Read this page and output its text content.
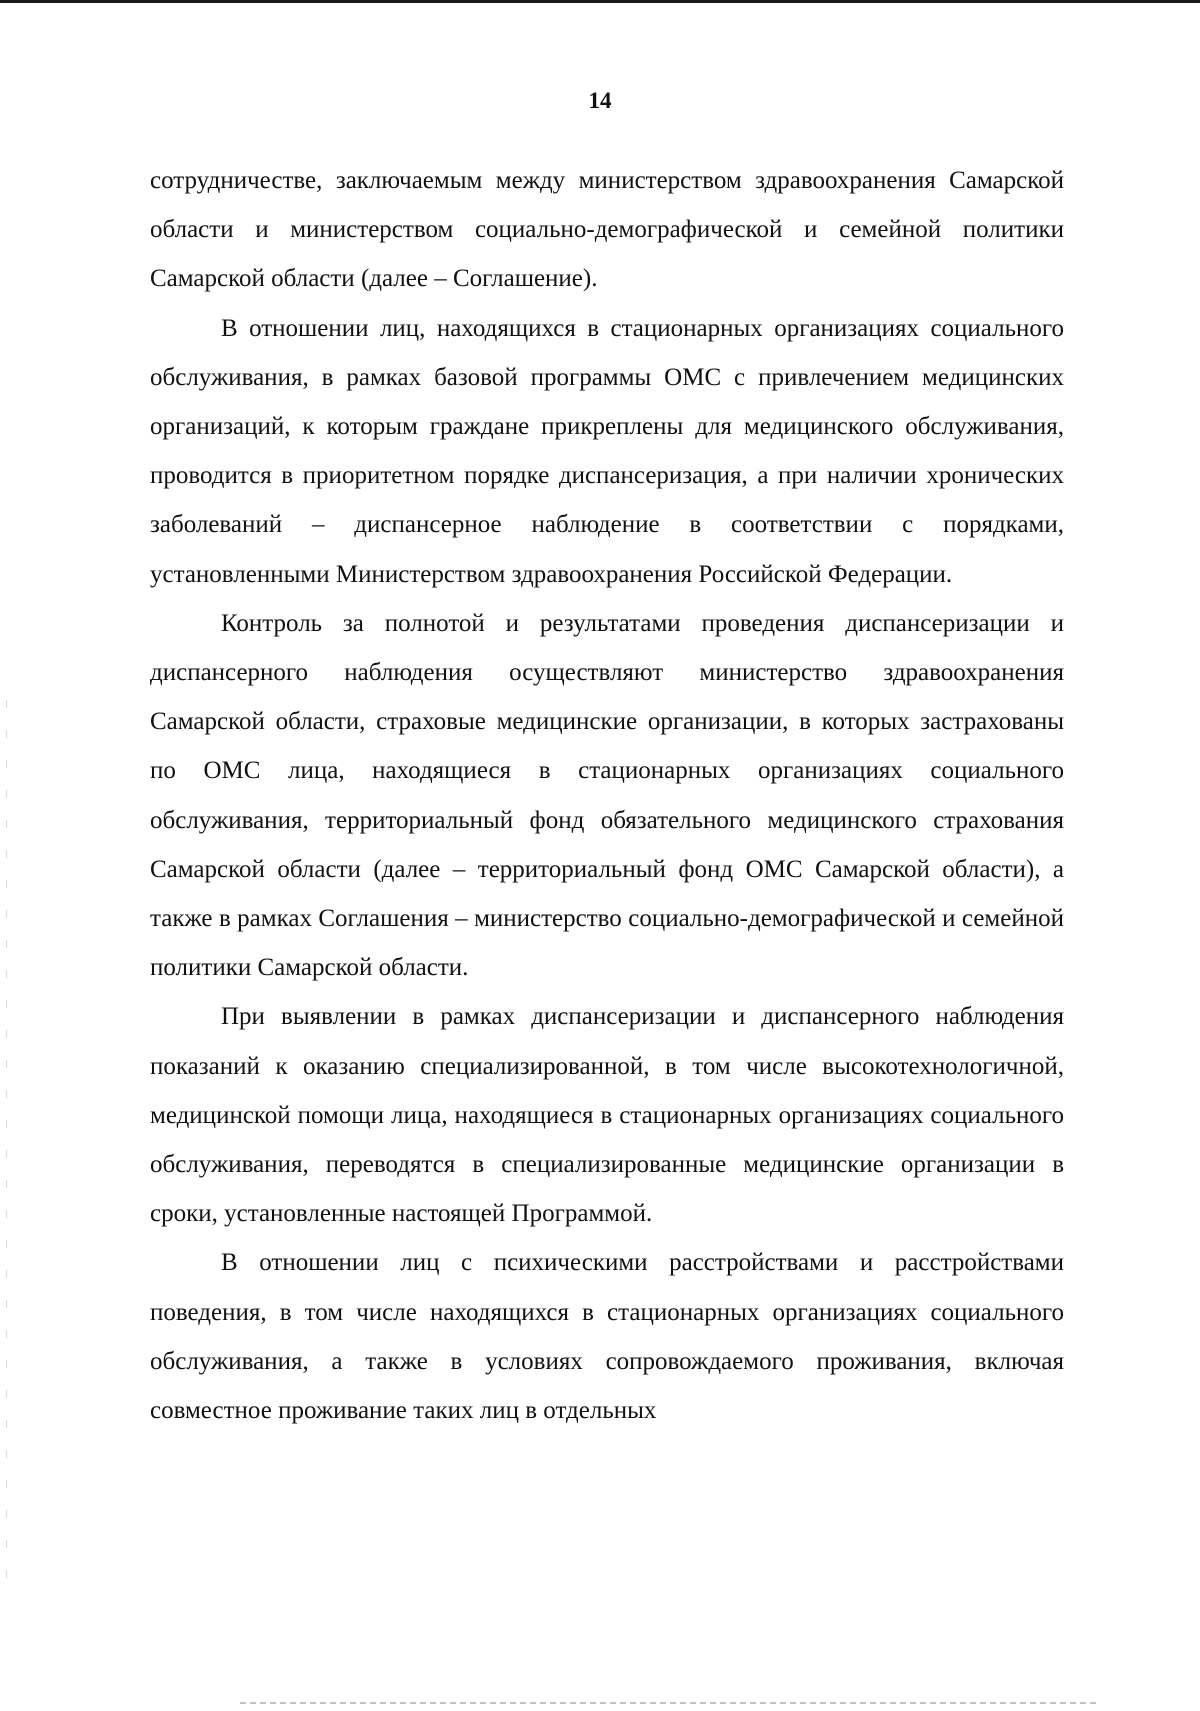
14

сотрудничестве, заключаемым между министерством здравоохранения Самарской области и министерством социально-демографической и семейной политики Самарской области (далее – Соглашение).

В отношении лиц, находящихся в стационарных организациях социального обслуживания, в рамках базовой программы ОМС с привлечением медицинских организаций, к которым граждане прикреплены для медицинского обслуживания, проводится в приоритетном порядке диспансеризация, а при наличии хронических заболеваний – диспансерное наблюдение в соответствии с порядками, установленными Министерством здравоохранения Российской Федерации.

Контроль за полнотой и результатами проведения диспансеризации и диспансерного наблюдения осуществляют министерство здравоохранения Самарской области, страховые медицинские организации, в которых застрахованы по ОМС лица, находящиеся в стационарных организациях социального обслуживания, территориальный фонд обязательного медицинского страхования Самарской области (далее – территориальный фонд ОМС Самарской области), а также в рамках Соглашения – министерство социально-демографической и семейной политики Самарской области.

При выявлении в рамках диспансеризации и диспансерного наблюдения показаний к оказанию специализированной, в том числе высокотехнологичной, медицинской помощи лица, находящиеся в стационарных организациях социального обслуживания, переводятся в специализированные медицинские организации в сроки, установленные настоящей Программой.

В отношении лиц с психическими расстройствами и расстройствами поведения, в том числе находящихся в стационарных организациях социального обслуживания, а также в условиях сопровождаемого проживания, включая совместное проживание таких лиц в отдельных
